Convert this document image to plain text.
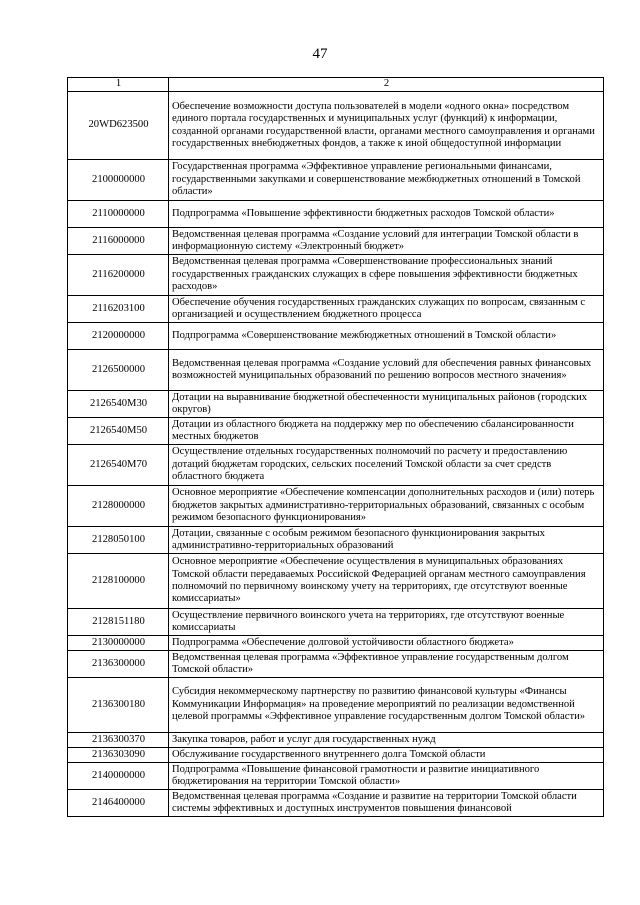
47
1	2
20WD623500	Обеспечение возможности доступа пользователей в модели «одного окна» посредством единого портала государственных и муниципальных услуг (функций) к информации, созданной органами государственной власти, органами местного самоуправления и органами государственных внебюджетных фондов, а также к иной общедоступной информации
2100000000	Государственная программа «Эффективное управление региональными финансами, государственными закупками и совершенствование межбюджетных отношений в Томской области»
2110000000	Подпрограмма «Повышение эффективности бюджетных расходов Томской области»
2116000000	Ведомственная целевая программа «Создание условий для интеграции Томской области в информационную систему «Электронный бюджет»
2116200000	Ведомственная целевая программа «Совершенствование профессиональных знаний государственных гражданских служащих в сфере повышения эффективности бюджетных расходов»
2116203100	Обеспечение обучения государственных гражданских служащих по вопросам, связанным с организацией и осуществлением бюджетного процесса
2120000000	Подпрограмма «Совершенствование межбюджетных отношений в Томской области»
2126500000	Ведомственная целевая программа «Создание условий для обеспечения равных финансовых возможностей муниципальных образований по решению вопросов местного значения»
2126540М30	Дотации на выравнивание бюджетной обеспеченности муниципальных районов (городских округов)
2126540М50	Дотации из областного бюджета на поддержку мер по обеспечению сбалансированности местных бюджетов
2126540М70	Осуществление отдельных государственных полномочий по расчету и предоставлению дотаций бюджетам городских, сельских поселений Томской области за счет средств областного бюджета
2128000000	Основное мероприятие «Обеспечение компенсации дополнительных расходов и (или) потерь бюджетов закрытых административно-территориальных образований, связанных с особым режимом безопасного функционирования»
2128050100	Дотации, связанные с особым режимом безопасного функционирования закрытых административно-территориальных образований
2128100000	Основное мероприятие «Обеспечение осуществления в муниципальных образованиях Томской области передаваемых Российской Федерацией органам местного самоуправления полномочий по первичному воинскому учету на территориях, где отсутствуют военные комиссариаты»
2128151180	Осуществление первичного воинского учета на территориях, где отсутствуют военные комиссариаты
2130000000	Подпрограмма «Обеспечение долговой устойчивости областного бюджета»
2136300000	Ведомственная целевая программа «Эффективное управление государственным долгом Томской области»
2136300180	Субсидия некоммерческому партнерству по развитию финансовой культуры «Финансы Коммуникации Информация» на проведение мероприятий по реализации ведомственной целевой программы «Эффективное управление государственным долгом Томской области»
2136300370	Закупка товаров, работ и услуг для государственных нужд
2136303090	Обслуживание государственного внутреннего долга Томской области
2140000000	Подпрограмма «Повышение финансовой грамотности и развитие инициативного бюджетирования на территории Томской области»
2146400000	Ведомственная целевая программа «Создание и развитие на территории Томской области системы эффективных и доступных инструментов повышения финансовой
